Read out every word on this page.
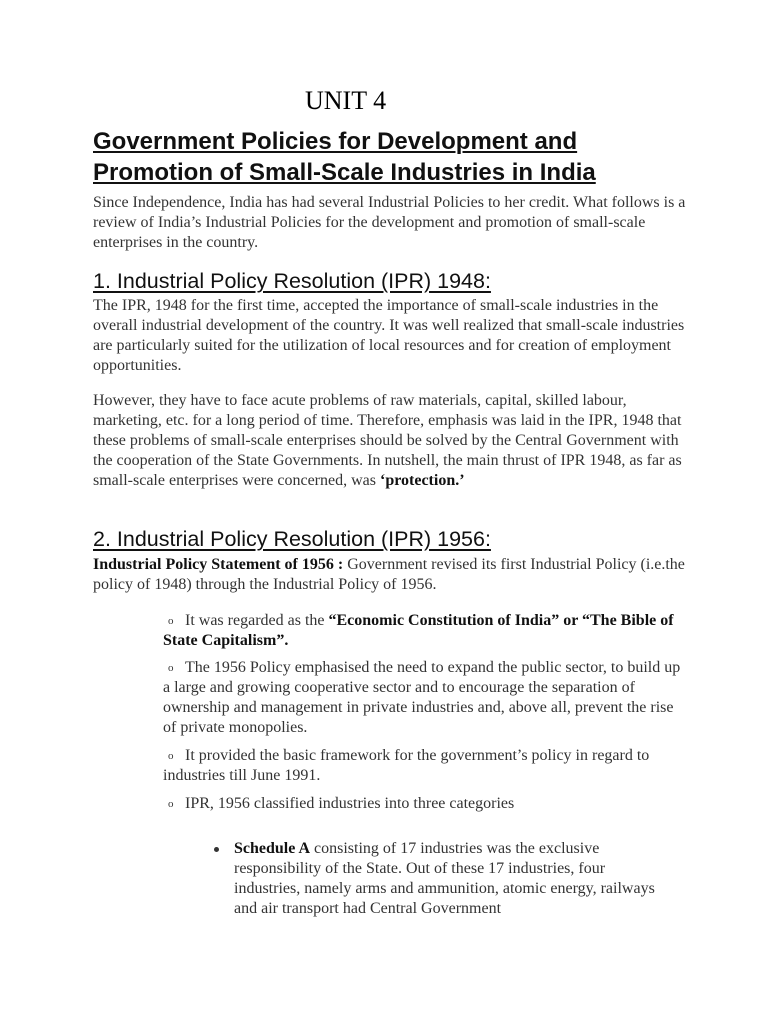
UNIT 4
Government Policies for Development and
Promotion of Small-Scale Industries in India

Since Independence, India has had several Industrial Policies to her credit. What follows is a review of India’s Industrial Policies for the development and promotion of small-scale enterprises in the country.

1. Industrial Policy Resolution (IPR) 1948:

The IPR, 1948 for the first time, accepted the importance of small-scale industries in the overall industrial development of the country. It was well realized that small-scale industries are particularly suited for the utilization of local resources and for creation of employment opportunities.

However, they have to face acute problems of raw materials, capital, skilled labour, marketing, etc. for a long period of time. Therefore, emphasis was laid in the IPR, 1948 that these problems of small-scale enterprises should be solved by the Central Government with the cooperation of the State Governments. In nutshell, the main thrust of IPR 1948, as far as small-scale enterprises were concerned, was ‘protection.’

2. Industrial Policy Resolution (IPR) 1956:

Industrial Policy Statement of 1956 : Government revised its first Industrial Policy (i.e.the policy of 1948) through the Industrial Policy of 1956.

o It was regarded as the “Economic Constitution of India” or “The Bible of State Capitalism”.

o The 1956 Policy emphasised the need to expand the public sector, to build up a large and growing cooperative sector and to encourage the separation of ownership and management in private industries and, above all, prevent the rise of private monopolies.

o It provided the basic framework for the government’s policy in regard to industries till June 1991.

o IPR, 1956 classified industries into three categories

Schedule A consisting of 17 industries was the exclusive responsibility of the State. Out of these 17 industries, four industries, namely arms and ammunition, atomic energy, railways and air transport had Central Government
